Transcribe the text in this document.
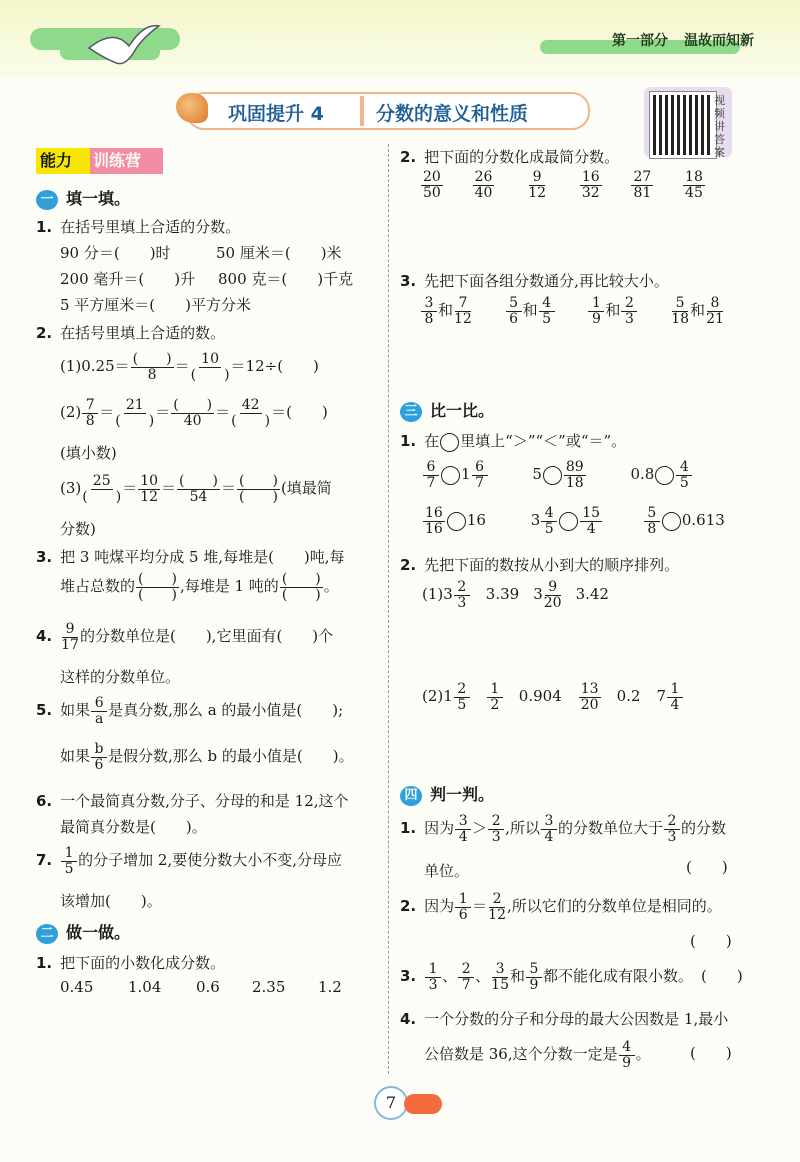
第一部分 温故而知新
巩固提升 4	分数的意义和性质
视频讲答案
能力	训练营
一 填一填。
1. 在括号里填上合适的分数。
90 分＝(　　)时	50 厘米＝(　　)米
200 毫升＝(　　)升 800 克＝(　　)千克
5 平方厘米＝(　　)平方分米
2. 在括号里填上合适的数。
(1)0.25＝ (　　)
8 ＝ 10
(　　) ＝12÷(　　)
$(2) \frac{7}{8} = 21$
(　　) ＝ (　　)
40 ＝ 42
(　　) ＝(　　)
(填小数)
(3) 25
(　　) ＝ $\frac{10}{12}$ ＝ (　　)
54 ＝ (　　)
(　　) (填最简
分数)
3. 把 3 吨煤平均分成 5 堆,每堆是(　　)吨,每
堆占总数的 (　　)
(　　) ,每堆是 1 吨的 (　　)
(　　) 。
4. $\frac{9}{17}$ 的分数单位是(　　),它里面有(　　)个
这样的分数单位。
5. 如果 $\frac{6}{a}$ 是真分数,那么 a 的最小值是(　　);
如果 $\frac{b}{6}$ 是假分数,那么 b 的最小值是(　　)。
6. 一个最简真分数,分子、分母的和是 12,这个
最简真分数是(　　)。
7. $\frac{1}{5}$ 的分子增加 2,要使分数大小不变,分母应
该增加(　　)。
二 做一做。
1. 把下面的小数化成分数。
0.45 1.04 0.6 2.35 1.2
2. 把下面的分数化成最简分数。
$\frac{20}{50}$
$\frac{26}{40}$
$\frac{9}{12}$
$\frac{16}{32}$
$\frac{27}{81}$
$\frac{18}{45}$
3. 先把下面各组分数通分,再比较大小。
$\frac{3}{8}$ 和 $\frac{7}{12}$
$\frac{5}{6}$ 和 $\frac{4}{5}$
$\frac{1}{9}$ 和 $\frac{2}{3}$
$\frac{5}{18}$ 和 $\frac{8}{21}$
三 比一比。
1. 在 里填上“＞”“＜”或“＝”。
$\frac{6}{7} 1 \frac{6}{7}$	$5 \frac{89}{18}$	$0.8 \frac{4}{5}$
$\frac{16}{16} 16$	$3 \frac{4}{5} \frac{15}{4}$
	$\frac{5}{8} 0.613$
2. 先把下面的数按从小到大的顺序排列。
$(1)3 \frac{2}{3} 3.39$ $3 \frac{9}{20} 3.42$
$(2)1 \frac{2}{5} \frac{1}{2} 0.904 \frac{13}{20} 0.2$ $7 \frac{1}{4}$
四 判一判。
1. 因为 $\frac{3}{4} > \frac{2}{3}$ ,所以 $\frac{3}{4}$ 的分数单位大于 $\frac{2}{3}$ 的分数
单位。	(　　)
2. 因为 $\frac{1}{6} = \frac{2}{12}$ ,所以它们的分数单位是相同的。
(　　)
3. $\frac{1}{3}$ 、 $\frac{2}{7}$ 、 $\frac{3}{15}$ 和 $\frac{5}{9}$ 都不能化成有限小数。 (　　)
4. 一个分数的分子和分母的最大公因数是 1,最小
公倍数是 36,这个分数一定是 $\frac{4}{9}$ 。	(　　)
7
